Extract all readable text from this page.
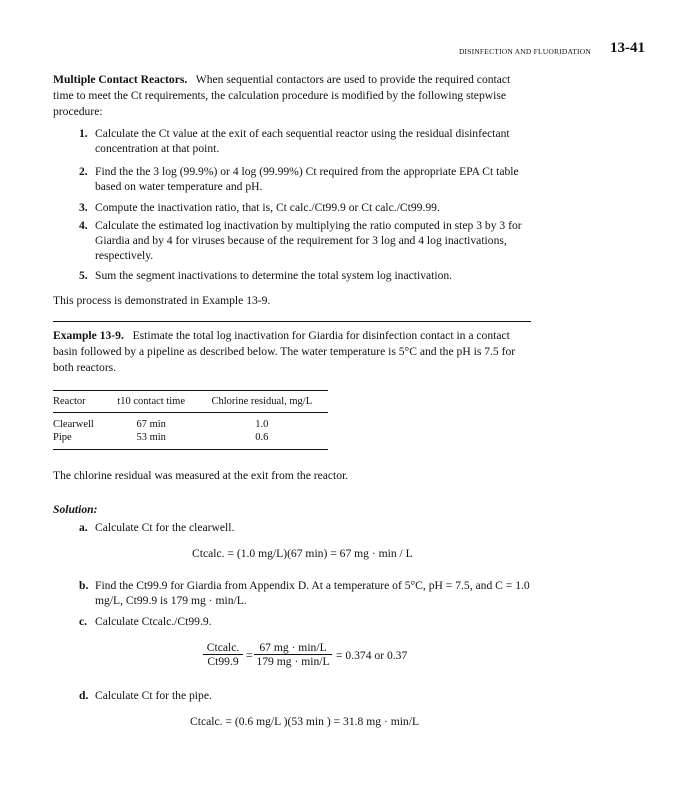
DISINFECTION AND FLUORIDATION 13-41
Multiple Contact Reactors. When sequential contactors are used to provide the required contact time to meet the Ct requirements, the calculation procedure is modified by the following stepwise procedure:
1. Calculate the Ct value at the exit of each sequential reactor using the residual disinfectant concentration at that point.
2. Find the the 3 log (99.9%) or 4 log (99.99%) Ct required from the appropriate EPA Ct table based on water temperature and pH.
3. Compute the inactivation ratio, that is, Ct calc./Ct99.9 or Ct calc./Ct99.99.
4. Calculate the estimated log inactivation by multiplying the ratio computed in step 3 by 3 for Giardia and by 4 for viruses because of the requirement for 3 log and 4 log inactivations, respectively.
5. Sum the segment inactivations to determine the total system log inactivation.
This process is demonstrated in Example 13-9.
Example 13-9. Estimate the total log inactivation for Giardia for disinfection contact in a contact basin followed by a pipeline as described below. The water temperature is 5°C and the pH is 7.5 for both reactors.
Reactor	t10 contact time	Chlorine residual, mg/L
Clearwell	67 min	1.0
Pipe	53 min	0.6
The chlorine residual was measured at the exit from the reactor.
Solution:
a. Calculate Ct for the clearwell.
Ctcalc. = (1.0 mg/L)(67 min) = 67 mg · min / L
b. Find the Ct99.9 for Giardia from Appendix D. At a temperature of 5°C, pH = 7.5, and C = 1.0 mg/L, Ct99.9 is 179 mg · min/L.
c. Calculate Ctcalc./Ct99.9.
Ctcalc.
Ct99.9 =
67 mg · min/L
179 mg · min/L = 0.374 or 0.37
d. Calculate Ct for the pipe.
Ctcalc. = (0.6 mg/L )(53 min ) = 31.8 mg · min/L
